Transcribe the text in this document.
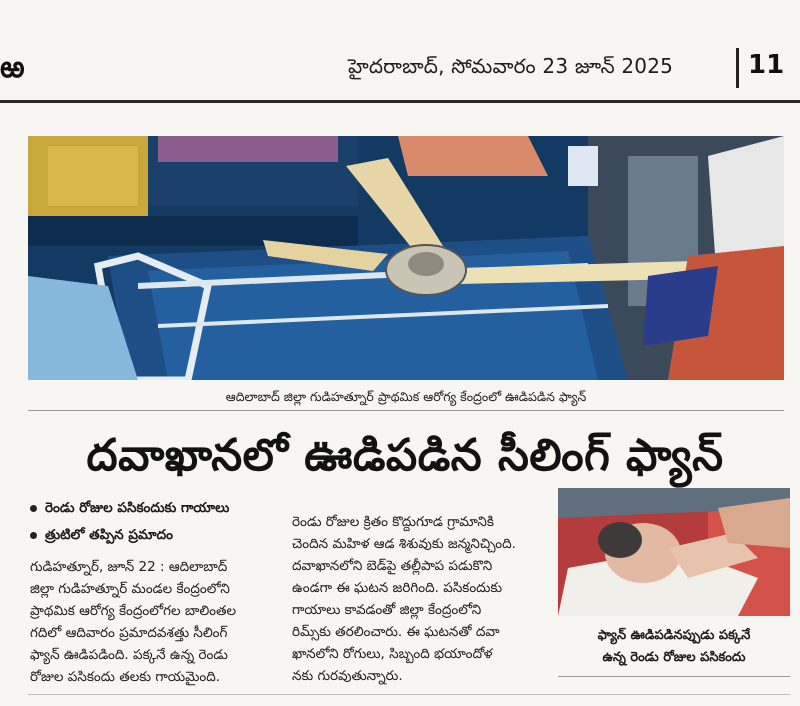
ఱ	హైదరాబాద్, సోమవారం 23 జూన్ 2025	11
ఆదిలాబాద్ జిల్లా గుడిహత్నూర్ ప్రాథమిక ఆరోగ్య కేంద్రంలో ఊడిపడిన ఫ్యాన్
దవాఖానలో ఊడిపడిన సీలింగ్ ఫ్యాన్
రెండు రోజుల పసికందుకు గాయాలు
త్రుటిలో తప్పిన ప్రమాదం
గుడిహత్నూర్, జూన్ 22 : ఆదిలాబాద్
జిల్లా గుడిహత్నూర్ మండల కేంద్రంలోని
ప్రాథమిక ఆరోగ్య కేంద్రంలోగల బాలింతల
గదిలో ఆదివారం ప్రమాదవశత్తు సీలింగ్
ఫ్యాన్ ఊడిపడింది. పక్కనే ఉన్న రెండు
రోజుల పసికందు తలకు గాయమైంది.
రెండు రోజుల క్రితం కొద్దుగూడ గ్రామానికి
చెందిన మహిళ ఆడ శిశువుకు జన్మనిచ్చింది.
దవాఖానలోని బెడ్‌పై తల్లీపాప పడుకొని
ఉండగా ఈ ఘటన జరిగింది. పసికందుకు
గాయాలు కావడంతో జిల్లా కేంద్రంలోని
రిమ్స్‌కు తరలించారు. ఈ ఘటనతో దవా
ఖానలోని రోగులు, సిబ్బంది భయాందోళ
నకు గురవుతున్నారు.
ఫ్యాన్ ఊడిపడినప్పుడు పక్కనే
ఉన్న రెండు రోజుల పసికందు
